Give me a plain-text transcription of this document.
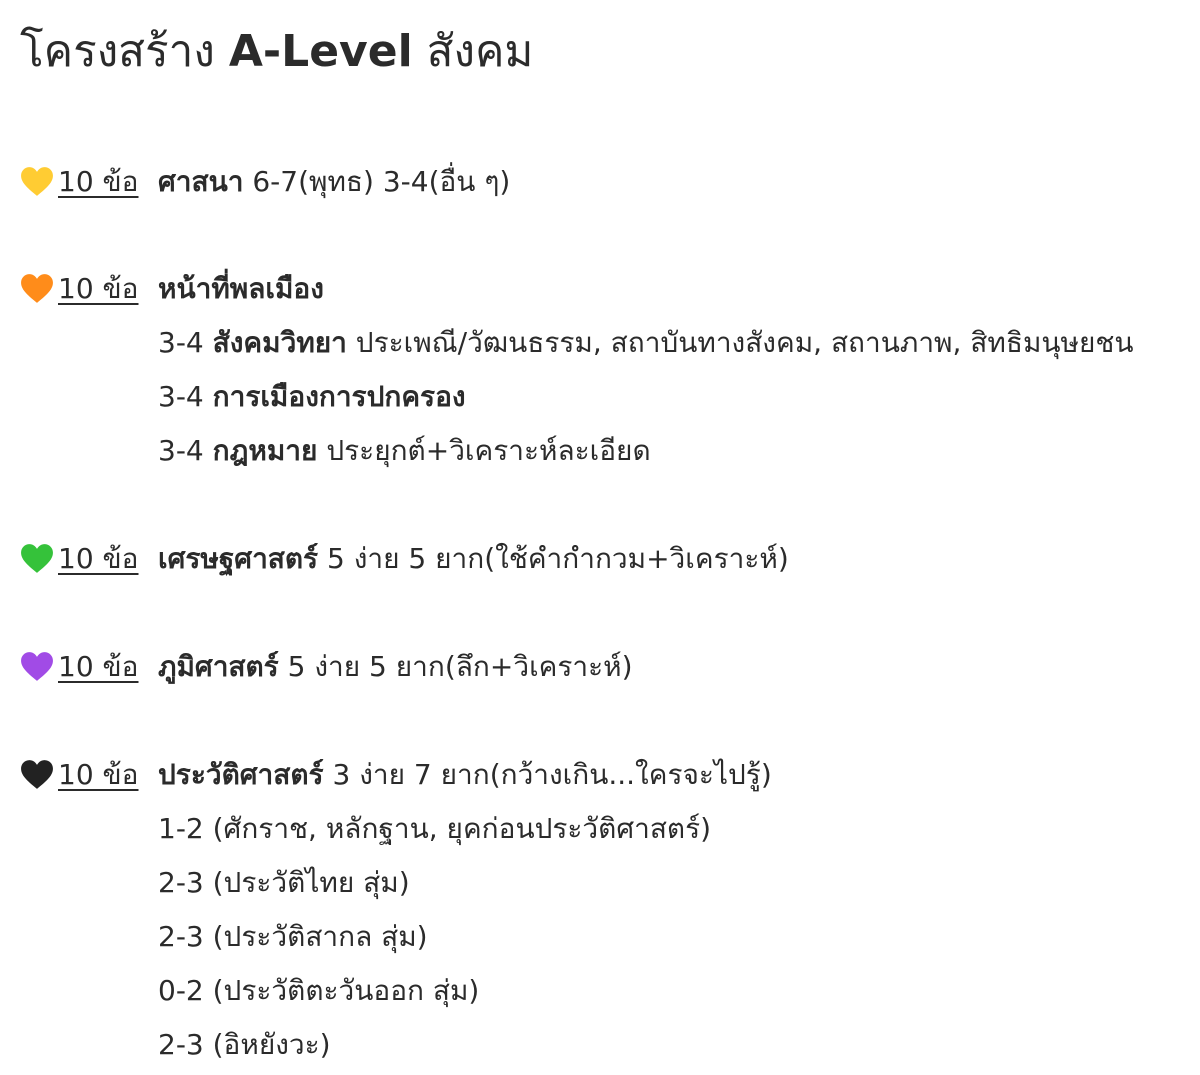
โครงสร้าง A-Level สังคม
10 ข้อ ศาสนา 6-7(พุทธ) 3-4(อื่น ๆ)
10 ข้อ หน้าที่พลเมือง
3-4 สังคมวิทยา ประเพณี/วัฒนธรรม, สถาบันทางสังคม, สถานภาพ, สิทธิมนุษยชน
3-4 การเมืองการปกครอง
3-4 กฎหมาย ประยุกต์+วิเคราะห์ละเอียด
10 ข้อ เศรษฐศาสตร์ 5 ง่าย 5 ยาก(ใช้คำกำกวม+วิเคราะห์)
10 ข้อ ภูมิศาสตร์ 5 ง่าย 5 ยาก(ลึก+วิเคราะห์)
10 ข้อ ประวัติศาสตร์ 3 ง่าย 7 ยาก(กว้างเกิน...ใครจะไปรู้)
1-2 (ศักราช, หลักฐาน, ยุคก่อนประวัติศาสตร์)
2-3 (ประวัติไทย สุ่ม)
2-3 (ประวัติสากล สุ่ม)
0-2 (ประวัติตะวันออก สุ่ม)
2-3 (อิหยังวะ)
